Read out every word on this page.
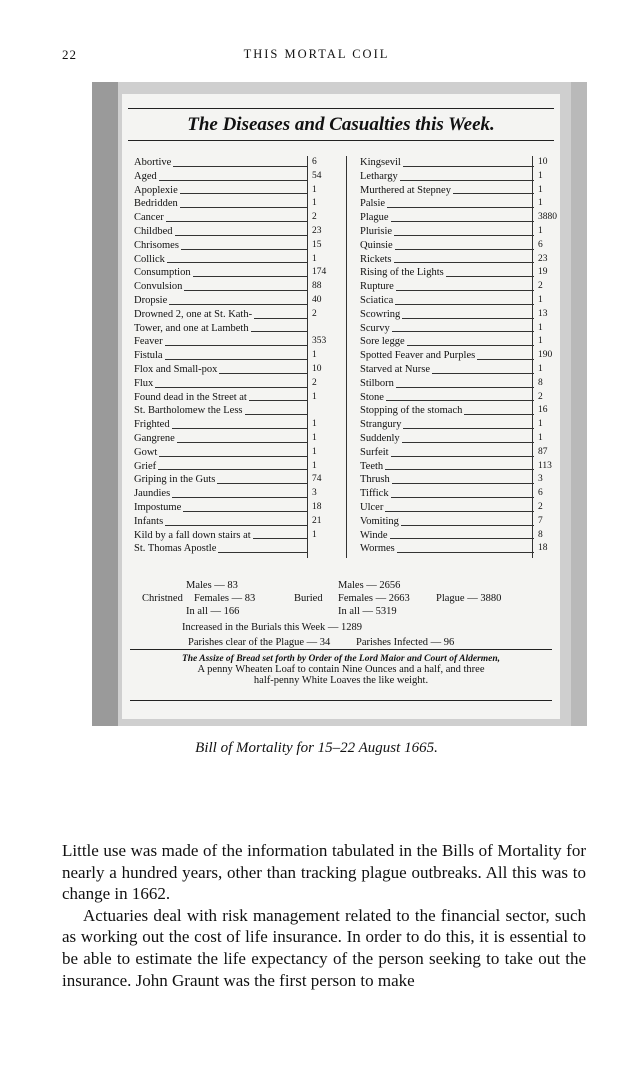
22	THIS MORTAL COIL
The Diseases and Casualties this Week.
Abortive	6
Aged	54
Apoplexie	1
Bedridden	1
Cancer	2
Childbed	23
Chrisomes	15
Collick	1
Consumption	174
Convulsion	88
Dropsie	40
Drowned 2, one at St. Kath-	2
Tower, and one at Lambeth
Feaver	353
Fistula	1
Flox and Small-pox	10
Flux	2
Found dead in the Street at	1
St. Bartholomew the Less
Frighted	1
Gangrene	1
Gowt	1
Grief	1
Griping in the Guts	74
Jaundies	3
Impostume	18
Infants	21
Kild by a fall down stairs at	1
St. Thomas Apostle
Kingsevil	10
Lethargy	1
Murthered at Stepney	1
Palsie	1
Plague	3880
Plurisie	1
Quinsie	6
Rickets	23
Rising of the Lights	19
Rupture	2
Sciatica	1
Scowring	13
Scurvy	1
Sore legge	1
Spotted Feaver and Purples	190
Starved at Nurse	1
Stilborn	8
Stone	2
Stopping of the stomach	16
Strangury	1
Suddenly	1
Surfeit	87
Teeth	113
Thrush	3
Tiffick	6
Ulcer	2
Vomiting	7
Winde	8
Wormes	18
Males — 83
Christned Females — 83
In all — 166
Males — 2656
Buried Females — 2663	Plague — 3880
In all — 5319
Increased in the Burials this Week — 1289
Parishes clear of the Plague — 34 Parishes Infected — 96
The Assize of Bread set forth by Order of the Lord Maior and Court of Aldermen,
A penny Wheaten Loaf to contain Nine Ounces and a half, and three
half-penny White Loaves the like weight.
Bill of Mortality for 15–22 August 1665.

Little use was made of the information tabulated in the Bills of Mortality for nearly a hundred years, other than tracking plague outbreaks. All this was to change in 1662.

Actuaries deal with risk management related to the financial sector, such as working out the cost of life insurance. In order to do this, it is essential to be able to estimate the life expectancy of the person seeking to take out the insurance. John Graunt was the first person to make
